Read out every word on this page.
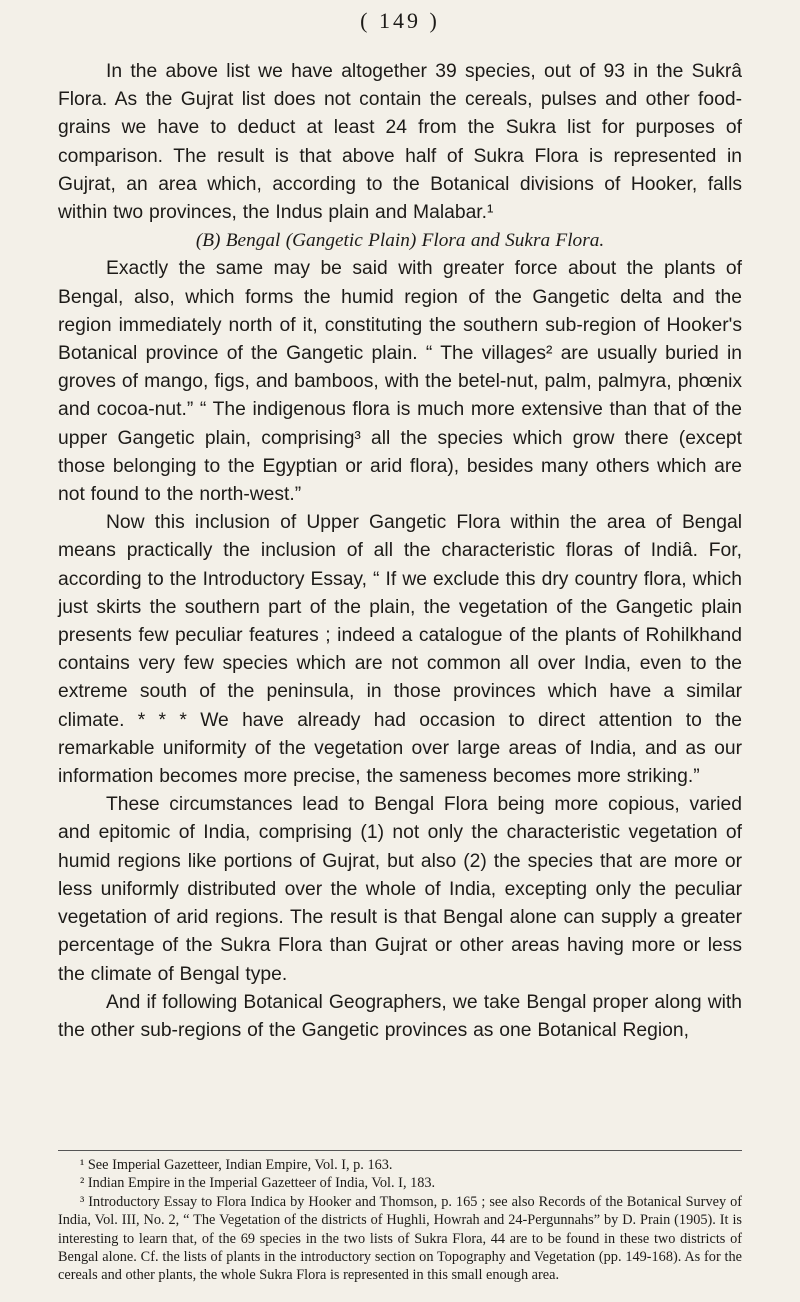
( 149 )

In the above list we have altogether 39 species, out of 93 in the Sukrâ Flora. As the Gujrat list does not contain the cereals, pulses and other food-grains we have to deduct at least 24 from the Sukra list for purposes of comparison. The result is that above half of Sukra Flora is represented in Gujrat, an area which, according to the Botanical divisions of Hooker, falls within two provinces, the Indus plain and Malabar.¹

(B) Bengal (Gangetic Plain) Flora and Sukra Flora.

Exactly the same may be said with greater force about the plants of Bengal, also, which forms the humid region of the Gangetic delta and the region immediately north of it, constituting the southern sub-region of Hooker's Botanical province of the Gangetic plain. “ The villages² are usually buried in groves of mango, figs, and bamboos, with the betel-nut, palm, palmyra, phœnix and cocoa-nut.” “ The indigenous flora is much more extensive than that of the upper Gangetic plain, comprising³ all the species which grow there (except those belonging to the Egyptian or arid flora), besides many others which are not found to the north-west.”

Now this inclusion of Upper Gangetic Flora within the area of Bengal means practically the inclusion of all the characteristic floras of Indiâ. For, according to the Introductory Essay, “ If we exclude this dry country flora, which just skirts the southern part of the plain, the vegetation of the Gangetic plain presents few peculiar features ; indeed a catalogue of the plants of Rohilkhand contains very few species which are not common all over India, even to the extreme south of the peninsula, in those provinces which have a similar climate. * * * We have already had occasion to direct attention to the remarkable uniformity of the vegetation over large areas of India, and as our information becomes more precise, the sameness becomes more striking.”

These circumstances lead to Bengal Flora being more copious, varied and epitomic of India, comprising (1) not only the characteristic vegetation of humid regions like portions of Gujrat, but also (2) the species that are more or less uniformly distributed over the whole of India, excepting only the peculiar vegetation of arid regions. The result is that Bengal alone can supply a greater percentage of the Sukra Flora than Gujrat or other areas having more or less the climate of Bengal type.

And if following Botanical Geographers, we take Bengal proper along with the other sub-regions of the Gangetic provinces as one Botanical Region,

¹ See Imperial Gazetteer, Indian Empire, Vol. I, p. 163.

² Indian Empire in the Imperial Gazetteer of India, Vol. I, 183.

³ Introductory Essay to Flora Indica by Hooker and Thomson, p. 165 ; see also Records of the Botanical Survey of India, Vol. III, No. 2, “ The Vegetation of the districts of Hughli, Howrah and 24-Pergunnahs” by D. Prain (1905). It is interesting to learn that, of the 69 species in the two lists of Sukra Flora, 44 are to be found in these two districts of Bengal alone. Cf. the lists of plants in the introductory section on Topography and Vegetation (pp. 149-168). As for the cereals and other plants, the whole Sukra Flora is represented in this small enough area.
